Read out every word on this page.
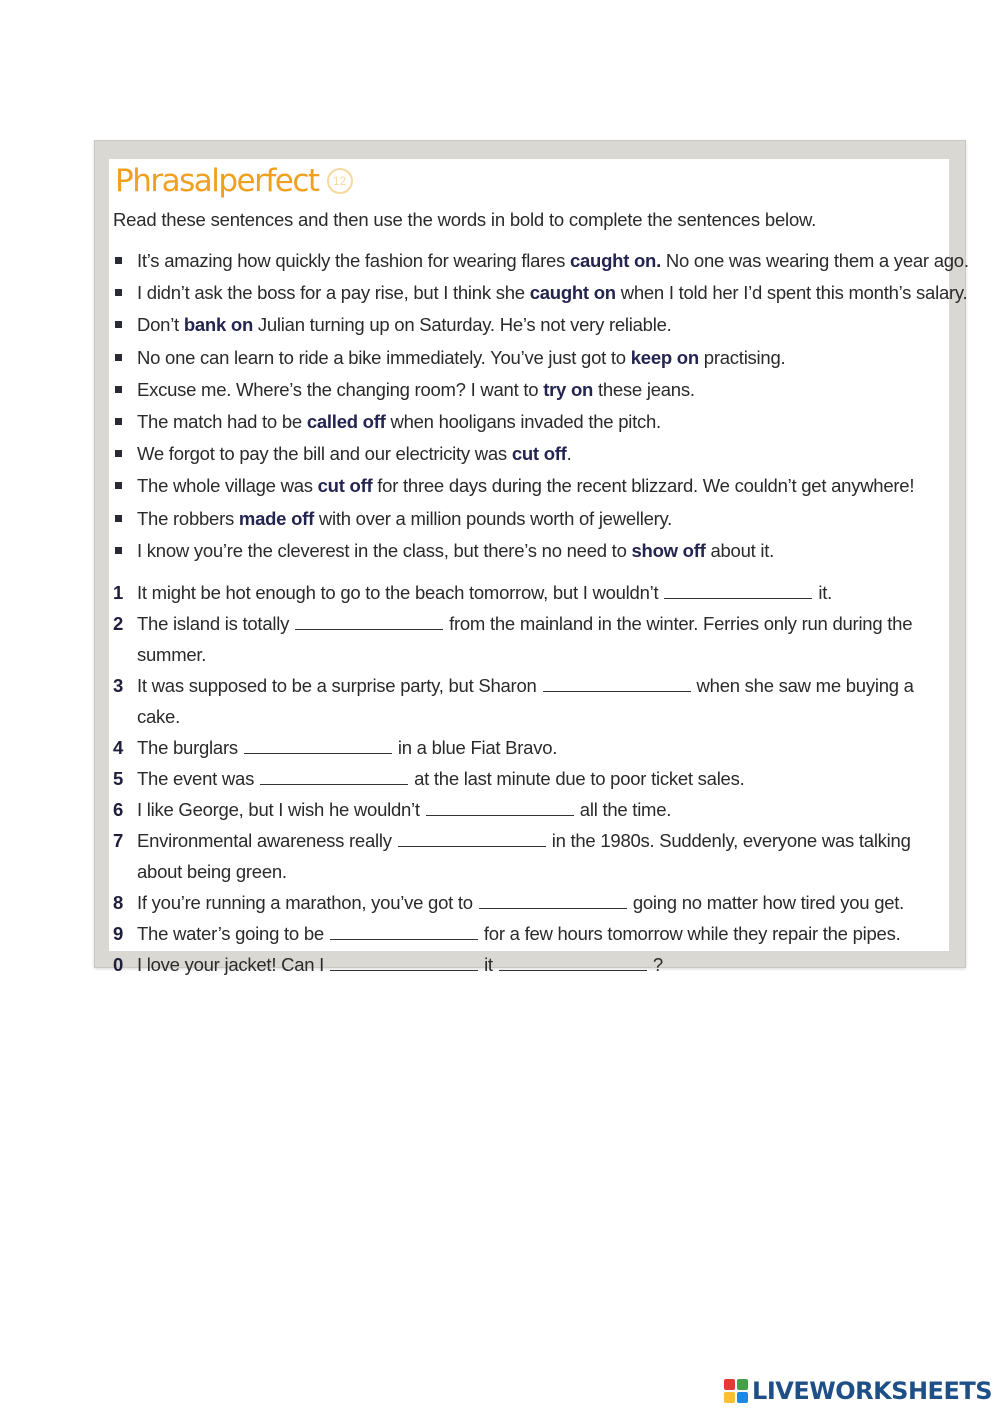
Phrasalperfect	12
Read these sentences and then use the words in bold to complete the sentences below.
It’s amazing how quickly the fashion for wearing flares caught on. No one was wearing them a year ago.
I didn’t ask the boss for a pay rise, but I think she caught on when I told her I’d spent this month’s salary.
Don’t bank on Julian turning up on Saturday. He’s not very reliable.
No one can learn to ride a bike immediately. You’ve just got to keep on practising.
Excuse me. Where’s the changing room? I want to try on these jeans.
The match had to be called off when hooligans invaded the pitch.
We forgot to pay the bill and our electricity was cut off.
The whole village was cut off for three days during the recent blizzard. We couldn’t get anywhere!
The robbers made off with over a million pounds worth of jewellery.
I know you’re the cleverest in the class, but there’s no need to show off about it.
1 It might be hot enough to go to the beach tomorrow, but I wouldn’t	it.
2 The island is totally	from the mainland in the winter. Ferries only run during the summer.
3 It was supposed to be a surprise party, but Sharon	when she saw me buying a cake.
4 The burglars	in a blue Fiat Bravo.
5 The event was	at the last minute due to poor ticket sales.
6 I like George, but I wish he wouldn’t	all the time.
7 Environmental awareness really	in the 1980s. Suddenly, everyone was talking about being green.
8 If you’re running a marathon, you’ve got to	going no matter how tired you get.
9 The water’s going to be	for a few hours tomorrow while they repair the pipes.
0 I love your jacket! Can I	it	?
LIVEWORKSHEETS
